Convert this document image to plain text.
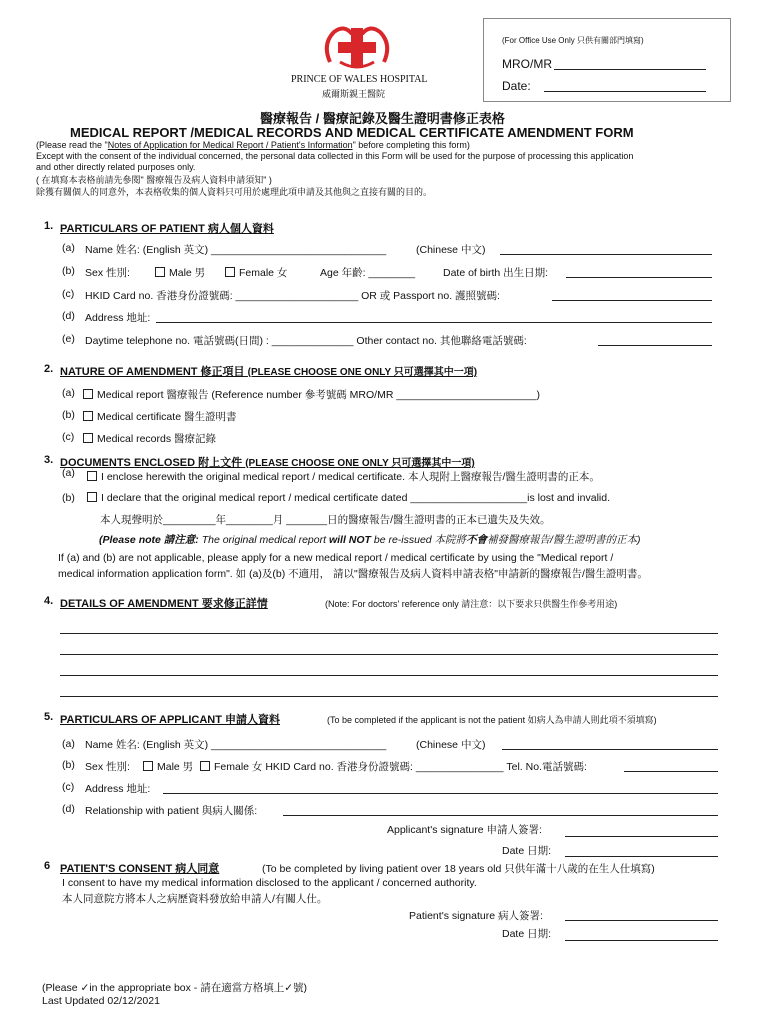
PRINCE OF WALES HOSPITAL
威爾斯親王醫院
(For Office Use Only 只供有關部門填寫)
MRO/MR
Date:
醫療報告 / 醫療記錄及醫生證明書修正表格
MEDICAL REPORT /MEDICAL RECORDS AND MEDICAL CERTIFICATE AMENDMENT FORM
(Please read the "Notes of Application for Medical Report / Patient's Information" before completing this form)
Except with the consent of the individual concerned, the personal data collected in this Form will be used for the purpose of processing this application
and other directly related purposes only.
( 在填寫本表格前請先參閱" 醫療報告及病人資料申請須知" )
除獲有關個人的同意外，本表格收集的個人資料只可用於處理此項申請及其他與之直接有關的目的。
1. PARTICULARS OF PATIENT 病人個人資料
(a) Name 姓名: (English 英文) ______________________________	(Chinese 中文)
(b) Sex 性別:	Male 男	Female 女	Age 年齡: ________	Date of birth 出生日期:
(c) HKID Card no. 香港身份證號碼: _____________________ OR 或 Passport no. 護照號碼:
(d) Address 地址:
(e) Daytime telephone no. 電話號碼(日間) : ______________ Other contact no. 其他聯絡電話號碼:
2. NATURE OF AMENDMENT 修正項目 (PLEASE CHOOSE ONE ONLY 只可選擇其中一項)
(a)	Medical report 醫療報告 (Reference number 參考號碼 MRO/MR ________________________)
(b)	Medical certificate 醫生證明書
(c)	Medical records 醫療記錄
3. DOCUMENTS ENCLOSED 附上文件 (PLEASE CHOOSE ONE ONLY 只可選擇其中一項)
(a)	I enclose herewith the original medical report / medical certificate. 本人現附上醫療報告/醫生證明書的正本。
(b)	I declare that the original medical report / medical certificate dated ____________________is lost and invalid.
本人現聲明於_________年________月 _______日的醫療報告/醫生證明書的正本已遺失及失效。
(Please note 請注意: The original medical report will NOT be re-issued 本院將不會補發醫療報告/醫生證明書的正本)
If (a) and (b) are not applicable, please apply for a new medical report / medical certificate by using the "Medical report /
medical information application form". 如 (a)及(b) 不適用， 請以"醫療報告及病人資料申請表格"申請新的醫療報告/醫生證明書。
4. DETAILS OF AMENDMENT 要求修正詳情	(Note: For doctors' reference only 請注意：以下要求只供醫生作參考用途)
5. PARTICULARS OF APPLICANT 申請人資料	(To be completed if the applicant is not the patient 如病人為申請人則此項不須填寫)
(a) Name 姓名: (English 英文) ______________________________	(Chinese 中文)
(b) Sex 性別:	Male 男	Female 女 HKID Card no. 香港身份證號碼: _______________ Tel. No.電話號碼:
(c) Address 地址:
(d) Relationship with patient 與病人關係:
Applicant's signature 申請人簽署:
Date 日期:
6 PATIENT'S CONSENT 病人同意	(To be completed by living patient over 18 years old 只供年滿十八歲的在生人仕填寫)
I consent to have my medical information disclosed to the applicant / concerned authority.
本人同意院方將本人之病歷資料發放給申請人/有關人仕。
Patient's signature 病人簽署:
Date 日期:
(Please ✓in the appropriate box - 請在適當方格填上✓號)
Last Updated 02/12/2021
